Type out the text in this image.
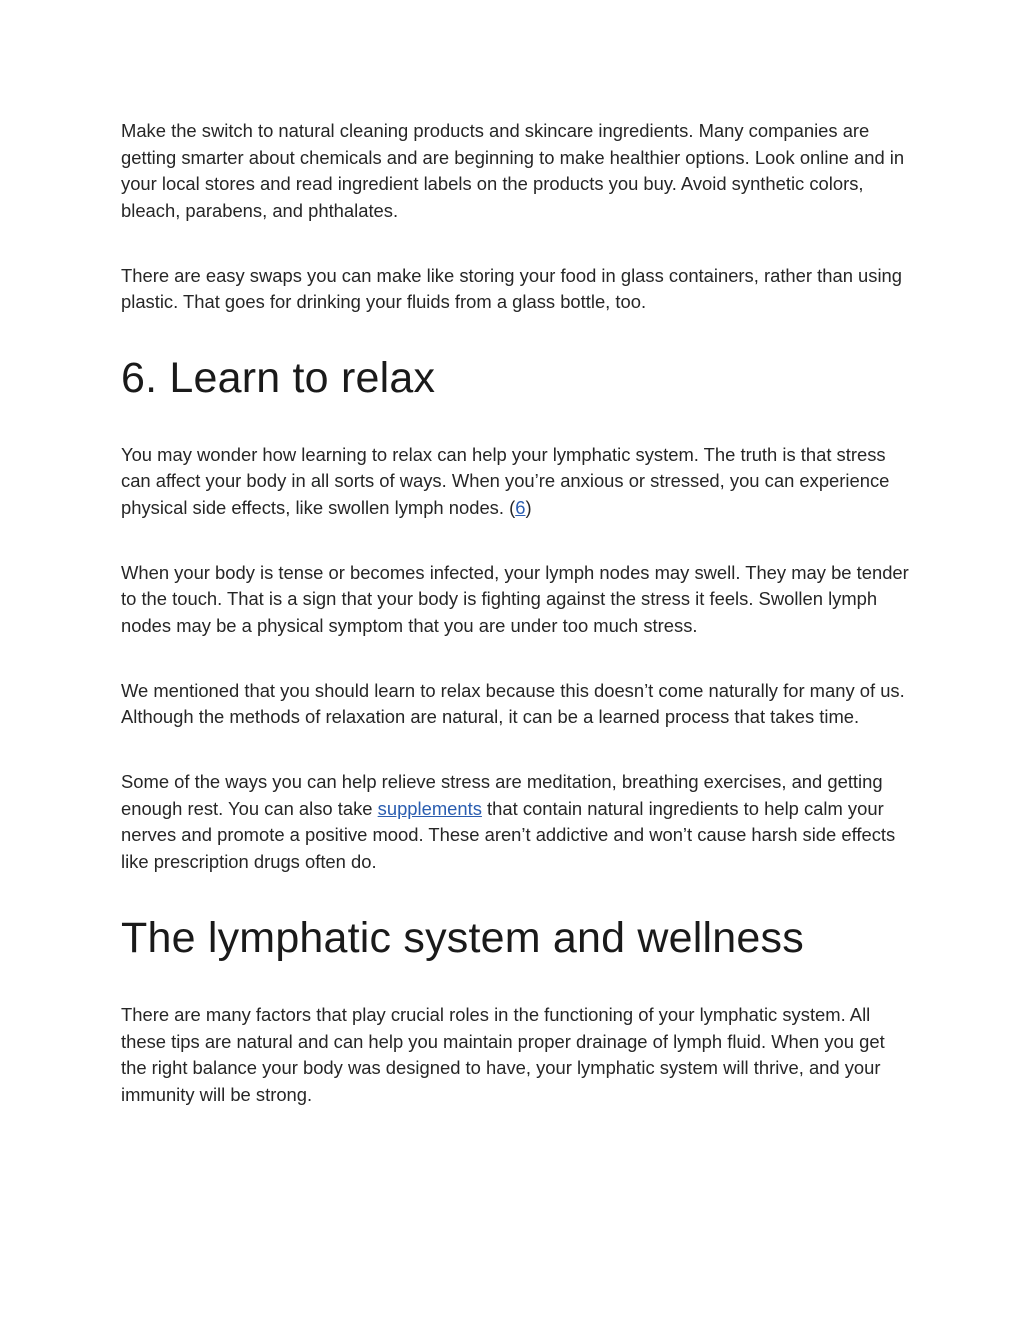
Make the switch to natural cleaning products and skincare ingredients. Many companies are getting smarter about chemicals and are beginning to make healthier options. Look online and in your local stores and read ingredient labels on the products you buy. Avoid synthetic colors, bleach, parabens, and phthalates.

There are easy swaps you can make like storing your food in glass containers, rather than using plastic. That goes for drinking your fluids from a glass bottle, too.

6. Learn to relax

You may wonder how learning to relax can help your lymphatic system. The truth is that stress can affect your body in all sorts of ways. When you’re anxious or stressed, you can experience physical side effects, like swollen lymph nodes. (6)

When your body is tense or becomes infected, your lymph nodes may swell. They may be tender to the touch. That is a sign that your body is fighting against the stress it feels. Swollen lymph nodes may be a physical symptom that you are under too much stress.

We mentioned that you should learn to relax because this doesn’t come naturally for many of us. Although the methods of relaxation are natural, it can be a learned process that takes time.

Some of the ways you can help relieve stress are meditation, breathing exercises, and getting enough rest. You can also take supplements that contain natural ingredients to help calm your nerves and promote a positive mood. These aren’t addictive and won’t cause harsh side effects like prescription drugs often do.

The lymphatic system and wellness

There are many factors that play crucial roles in the functioning of your lymphatic system. All these tips are natural and can help you maintain proper drainage of lymph fluid. When you get the right balance your body was designed to have, your lymphatic system will thrive, and your immunity will be strong.
